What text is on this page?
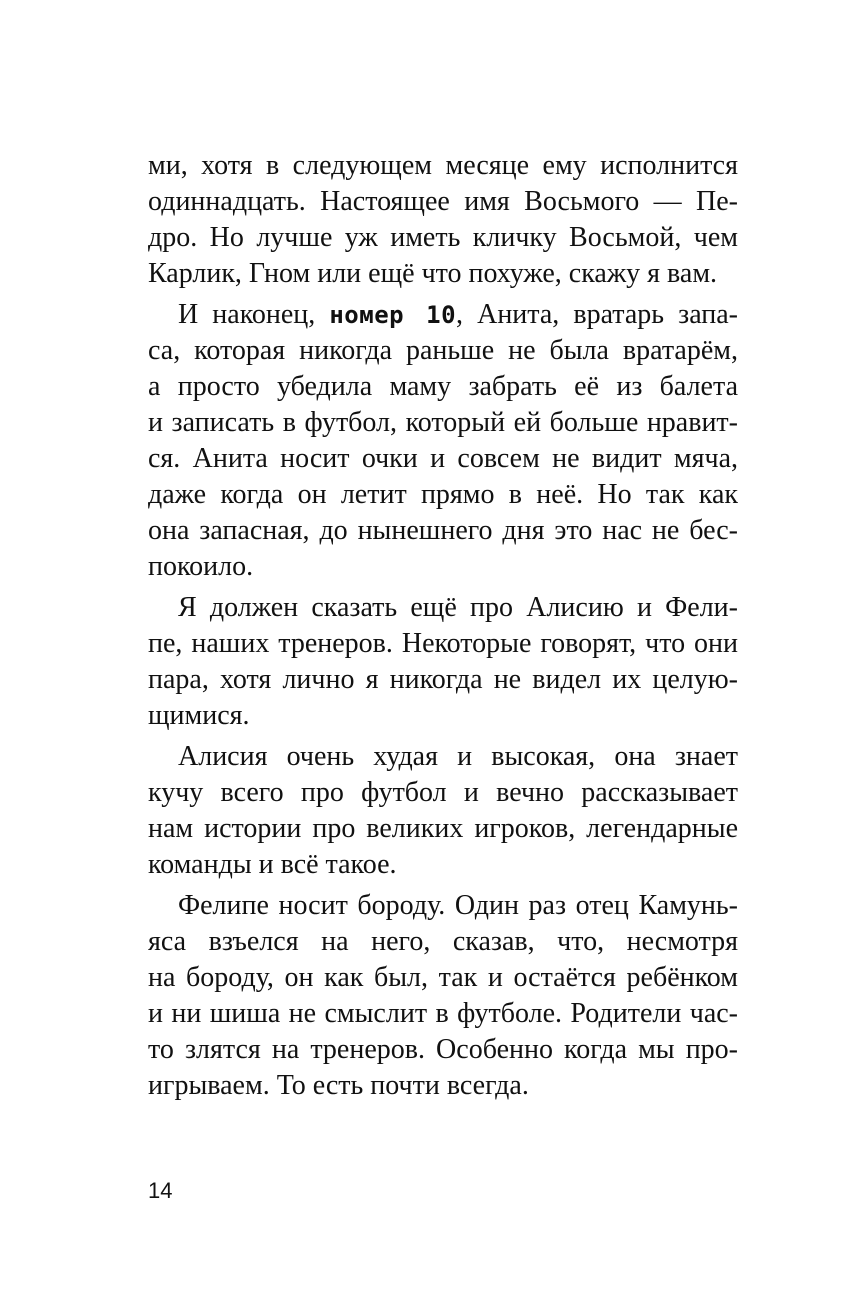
ми, хотя в следующем месяце ему исполнится
одиннадцать. Настоящее имя Восьмого — Пе-
дро. Но лучше уж иметь кличку Восьмой, чем
Карлик, Гном или ещё что похуже, скажу я вам.
И наконец, номер 10, Анита, вратарь запа-
са, которая никогда раньше не была вратарём,
а просто убедила маму забрать её из балета
и записать в футбол, который ей больше нравит-
ся. Анита носит очки и совсем не видит мяча,
даже когда он летит прямо в неё. Но так как
она запасная, до нынешнего дня это нас не бес-
покоило.
Я должен сказать ещё про Алисию и Фели-
пе, наших тренеров. Некоторые говорят, что они
пара, хотя лично я никогда не видел их целую-
щимися.
Алисия очень худая и высокая, она знает
кучу всего про футбол и вечно рассказывает
нам истории про великих игроков, легендарные
команды и всё такое.
Фелипе носит бороду. Один раз отец Камунь-
яса взъелся на него, сказав, что, несмотря
на бороду, он как был, так и остаётся ребёнком
и ни шиша не смыслит в футболе. Родители час-
то злятся на тренеров. Особенно когда мы про-
игрываем. То есть почти всегда.
14
